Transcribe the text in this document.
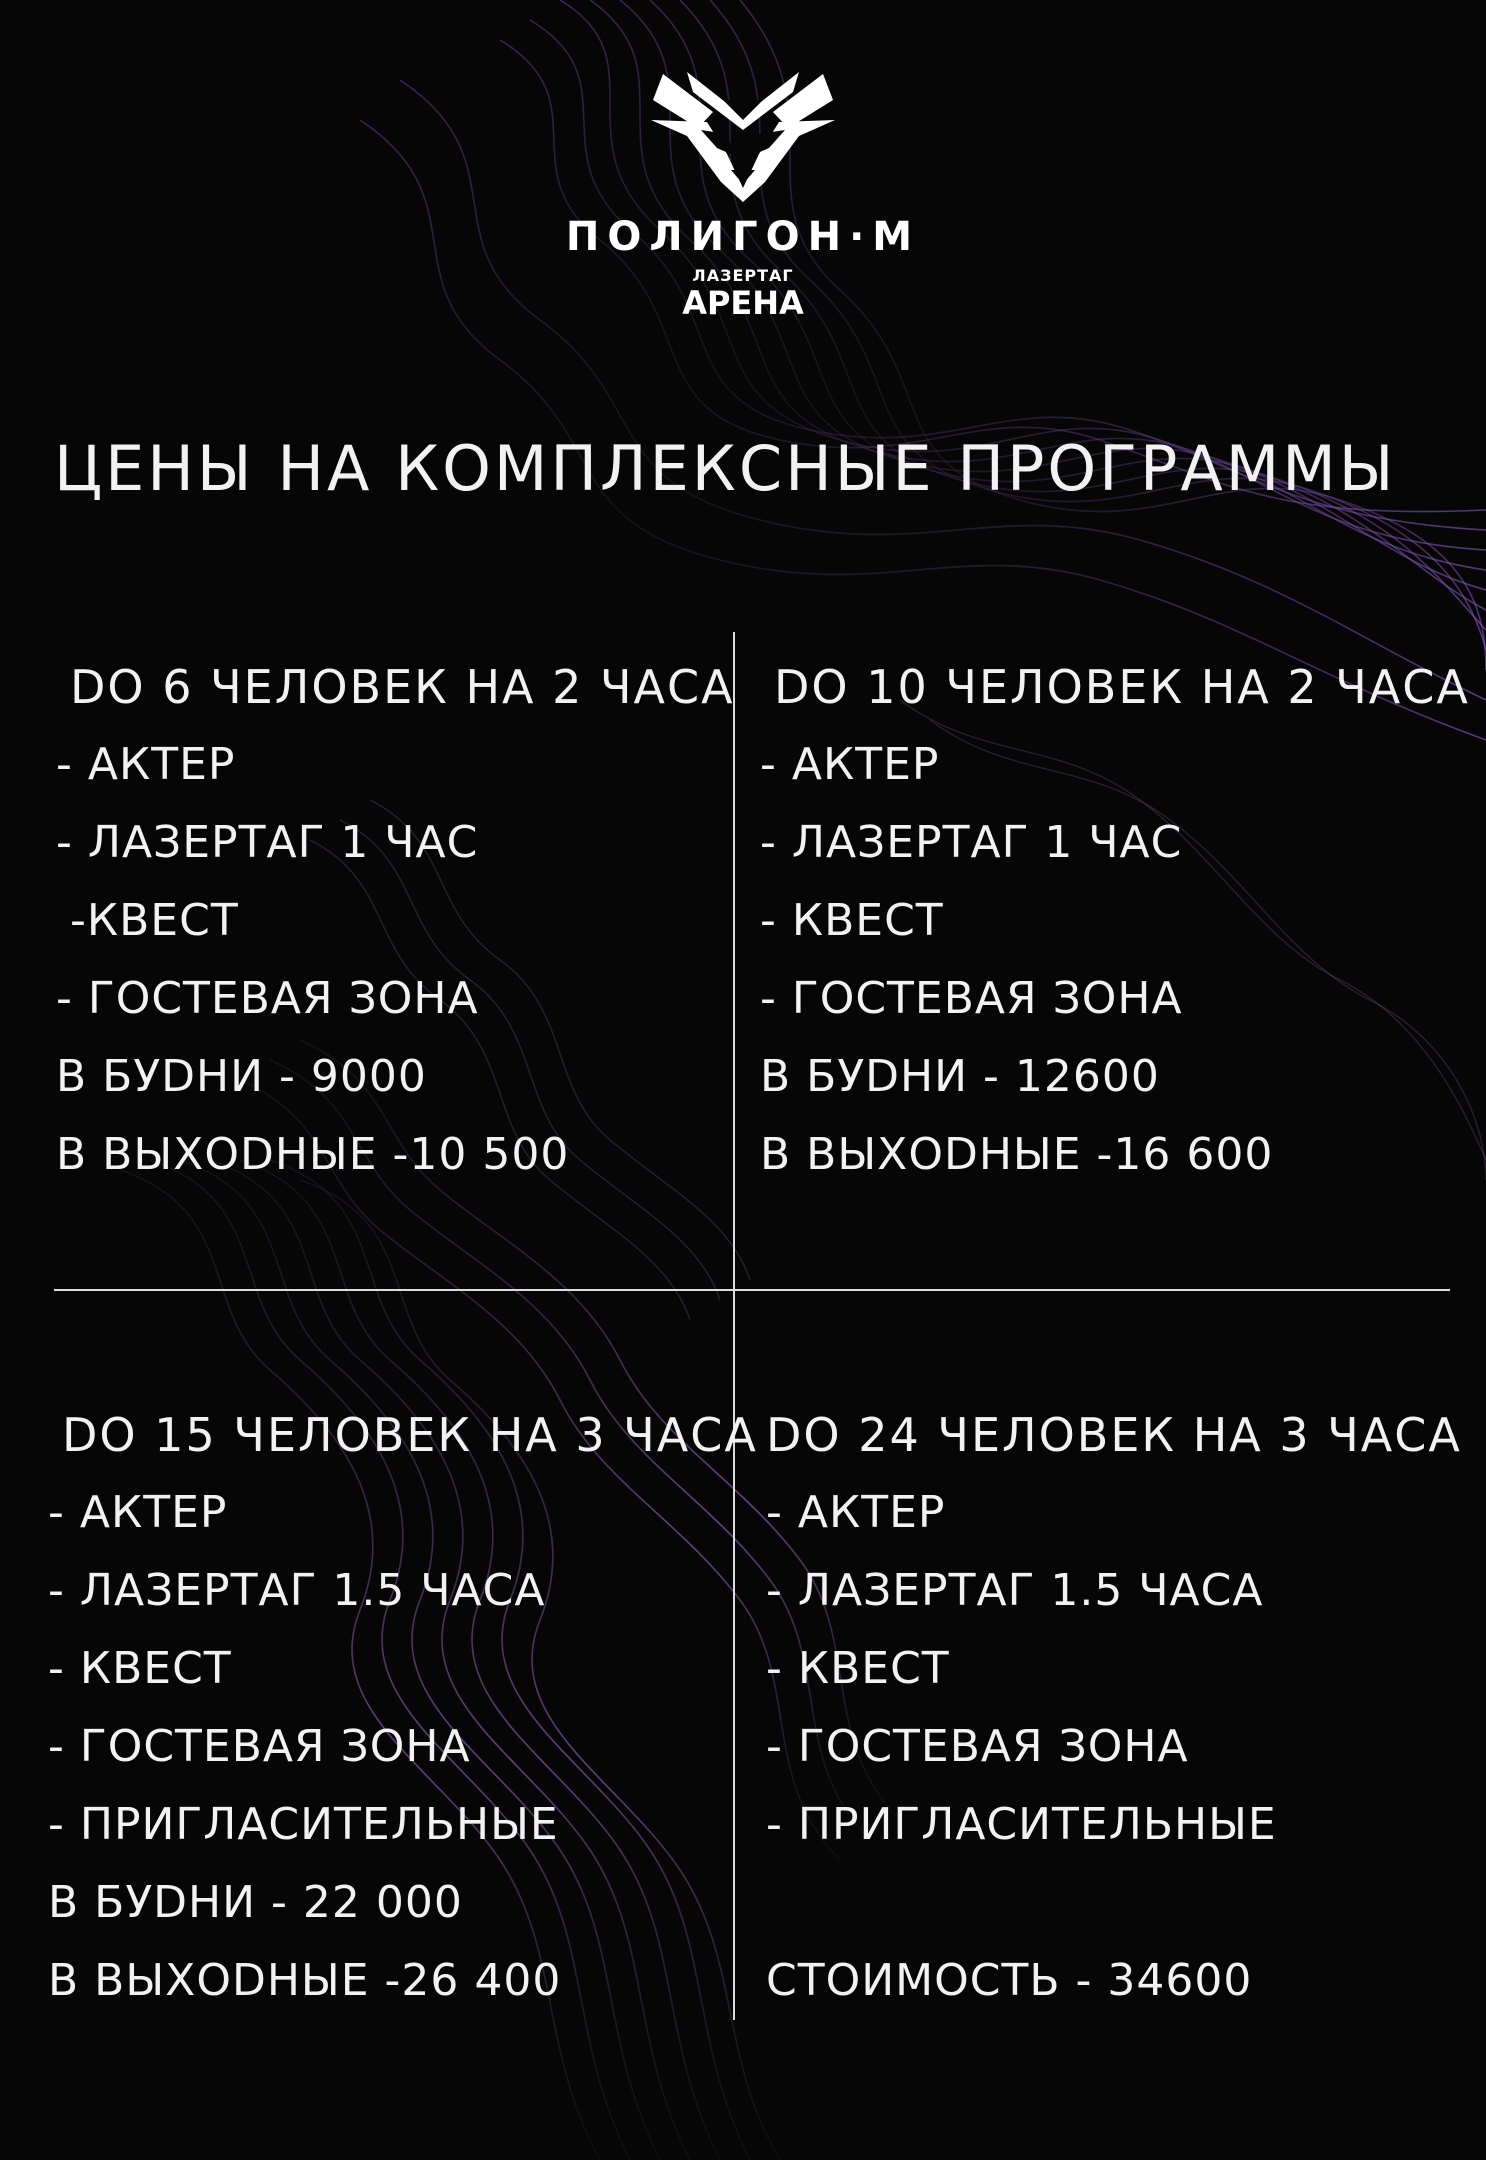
ПОЛИГОН·М
ЛАЗЕРТАГ
АРЕНА
ЦЕНЫ НА КОМПЛЕКСНЫЕ ПРОГРАММЫ
DО 6 ЧЕЛОВЕК НА 2 ЧАСА
- АКТЕР
- ЛАЗЕРТАГ 1 ЧАС
-КВЕСТ
- ГОСТЕВАЯ ЗОНА
В БУDНИ - 9000
В ВЫХОDНЫЕ -10 500
DО 10 ЧЕЛОВЕК НА 2 ЧАСА
- АКТЕР
- ЛАЗЕРТАГ 1 ЧАС
- КВЕСТ
- ГОСТЕВАЯ ЗОНА
В БУDНИ - 12600
В ВЫХОDНЫЕ -16 600
DО 15 ЧЕЛОВЕК НА 3 ЧАСА
- АКТЕР
- ЛАЗЕРТАГ 1.5 ЧАСА
- КВЕСТ
- ГОСТЕВАЯ ЗОНА
- ПРИГЛАСИТЕЛЬНЫЕ
В БУDНИ - 22 000
В ВЫХОDНЫЕ -26 400
DО 24 ЧЕЛОВЕК НА 3 ЧАСА
- АКТЕР
- ЛАЗЕРТАГ 1.5 ЧАСА
- КВЕСТ
- ГОСТЕВАЯ ЗОНА
- ПРИГЛАСИТЕЛЬНЫЕ
СТОИМОСТЬ - 34600
